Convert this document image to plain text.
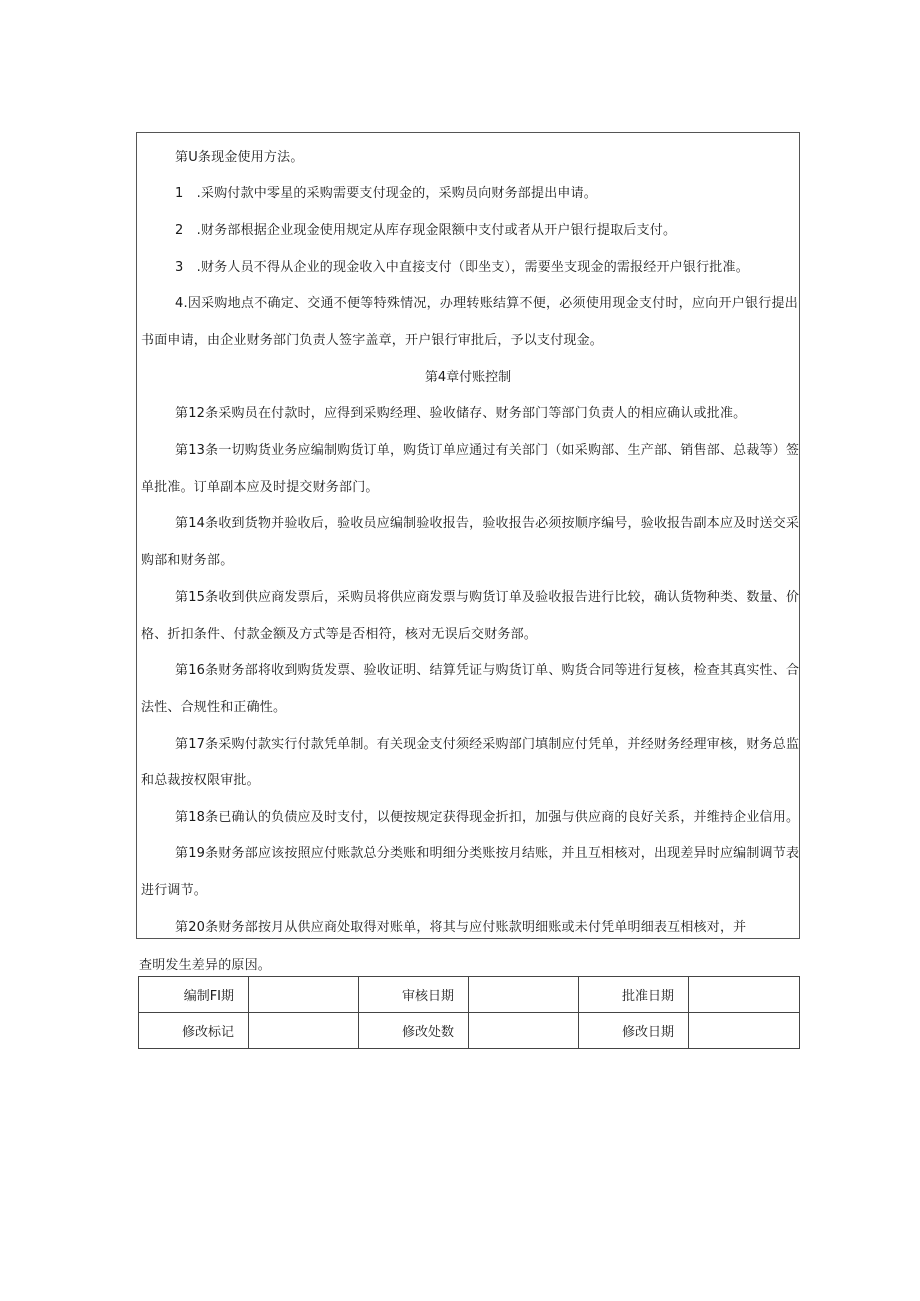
第U条现金使用方法。
1　.采购付款中零星的采购需要支付现金的，采购员向财务部提出申请。
2　.财务部根据企业现金使用规定从库存现金限额中支付或者从开户银行提取后支付。
3　.财务人员不得从企业的现金收入中直接支付（即坐支），需要坐支现金的需报经开户银行批准。
4.因采购地点不确定、交通不便等特殊情况，办理转账结算不便，必须使用现金支付时，应向开户银行提出
书面申请，由企业财务部门负责人签字盖章，开户银行审批后，予以支付现金。
第4章付账控制
第12条采购员在付款时，应得到采购经理、验收储存、财务部门等部门负责人的相应确认或批准。
第13条一切购货业务应编制购货订单，购货订单应通过有关部门（如采购部、生产部、销售部、总裁等）签
单批准。订单副本应及时提交财务部门。
第14条收到货物并验收后，验收员应编制验收报告，验收报告必须按顺序编号，验收报告副本应及时送交采
购部和财务部。
第15条收到供应商发票后，采购员将供应商发票与购货订单及验收报告进行比较，确认货物种类、数量、价
格、折扣条件、付款金额及方式等是否相符，核对无误后交财务部。
第16条财务部将收到购货发票、验收证明、结算凭证与购货订单、购货合同等进行复核，检查其真实性、合
法性、合规性和正确性。
第17条采购付款实行付款凭单制。有关现金支付须经采购部门填制应付凭单，并经财务经理审核，财务总监
和总裁按权限审批。
第18条已确认的负债应及时支付，以便按规定获得现金折扣，加强与供应商的良好关系，并维持企业信用。
第19条财务部应该按照应付账款总分类账和明细分类账按月结账，并且互相核对，出现差异时应编制调节表
进行调节。
第20条财务部按月从供应商处取得对账单，将其与应付账款明细账或未付凭单明细表互相核对，并
查明发生差异的原因。
编制FI期		审核日期		批准日期	
修改标记		修改处数		修改日期	
